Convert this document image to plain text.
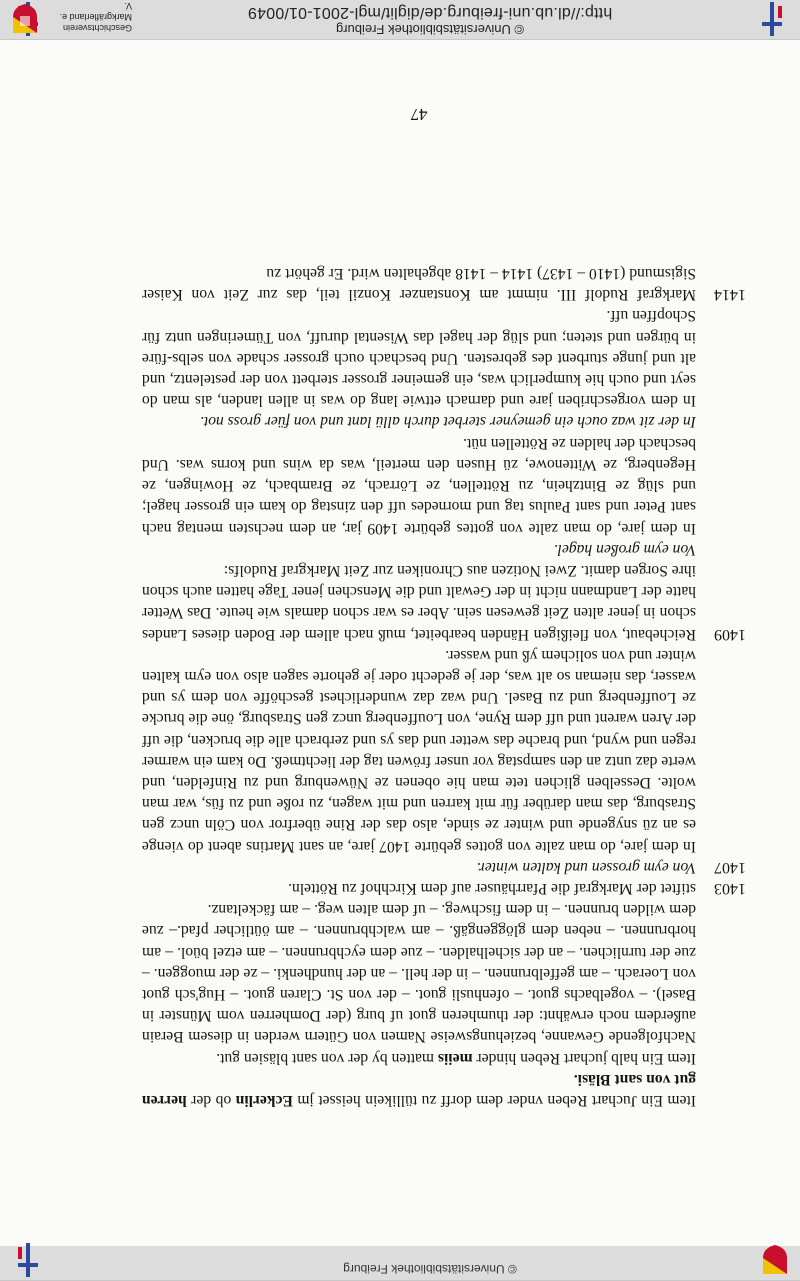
© Universitätsbibliothek Freiburg

Item Ein Juchart Reben vnder dem dorff zu tüllikein heisset jm Eckerlin ob der herren gut von sant Bläsi.

Item Ein halb juchart Reben hinder meiis matten by der von sant bläsien gut.

Nachfolgende Gewanne, beziehungsweise Namen von Gütern werden in diesem Berain außerdem noch erwähnt: der thumheren guot uf burg (der Domherren vom Münster in Basel). – vogelbachs guot. – ofenhusli guot. – der von St. Claren guot. – Hug'sch guot von Loerach. – am geffelbrunnen. – in der hell. – an der hundhenki. – ze der muoggen. – zue der turnlichen. – an der sichelhalden. – zue dem eychbrunnen. – am etzel büol. – am horbrunnen. – neben dem glöggengäß. – am walchbrunnen. – am öütlicher pfad.– zue dem wilden brunnen. – in dem fischweg. – uf dem alten weg. – am fäckeltanz.

1403

stiftet der Markgraf die Pfarrhäuser auf dem Kirchhof zu Rötteln.

1407

Von eym grossen und kalten winter.

In dem jare, do man zalte von gottes gebürte 1407 jare, an sant Martins abent do vienge es an zü snygende und winter ze sinde, also das der Rine überfror von Cöln uncz gen Strasburg, das man darüber für mit karren und mit wagen, zu roße und zu füs, war man wolte. Desselben glichen tete man hie obenen ze Nüwenburg und zu Rinfelden, und werte daz untz an den sampstag vor unser fröwen tag der liechtmeß. Do kam ein warmer regen und wynd, und brache das wetter und das ys und zerbrach alle die brucken, die uff der Aren warent und uff dem Ryne, von Louffenberg uncz gen Strasburg, öne die brucke ze Louffenberg und zu Basel. Und waz daz wunderlichest geschöffe von dem ys und wasser, das nieman so alt was, der je gedecht oder je gehorte sagen also von eym kalten winter und von solichem yß und wasser.

1409

Reichebaut, von fleißigen Händen bearbeitet, muß nach allem der Boden dieses Landes schon in jener alten Zeit gewesen sein. Aber es war schon damals wie heute. Das Wetter hatte der Landmann nicht in der Gewalt und die Menschen jener Tage hatten auch schon ihre Sorgen damit. Zwei Notizen aus Chroniken zur Zeit Markgraf Rudolfs:

Von eym großen hagel.

In dem jare, do man zalte von gottes gebürte 1409 jar, an dem nechsten mentag nach sant Peter und sant Paulus tag und mornedes uff den zinstag do kam ein grosser hagel; und slüg ze Bintzhein, zu Röttellen, ze Lörrach, ze Brambach, ze Howingen, ze Hegenberg, ze Wittenowe, zü Husen den merteil, was da wins und korns was. Und beschach der halden ze Röttellen nüt.

In der zit waz ouch ein gemeyner sterbet durch allü lant und von füer gross not.

In dem vorgeschriben jare und darnach ettwie lang do was in allen landen, als man do seyt und ouch hie kumperlich was, ein gemeiner grosser sterbett von der pestelentz, und alt und junge sturbent des gebresten. Und beschach ouch grosser schade von selbs-füre in bürgen und steten; und slüg der hagel das Wisental duruff, von Tümeringen untz für Schopffen uff.

1414

Markgraf Rudolf III. nimmt am Konstanzer Konzil teil, das zur Zeit von Kaiser Sigismund (1410 – 1437) 1414 – 1418 abgehalten wird. Er gehört zu

47
© Universitätsbibliothek Freiburg
http://dl.ub.uni-freiburg.de/diglit/mgl-2001-01/0049
Geschichtsverein
Markgräflerland e. V.
